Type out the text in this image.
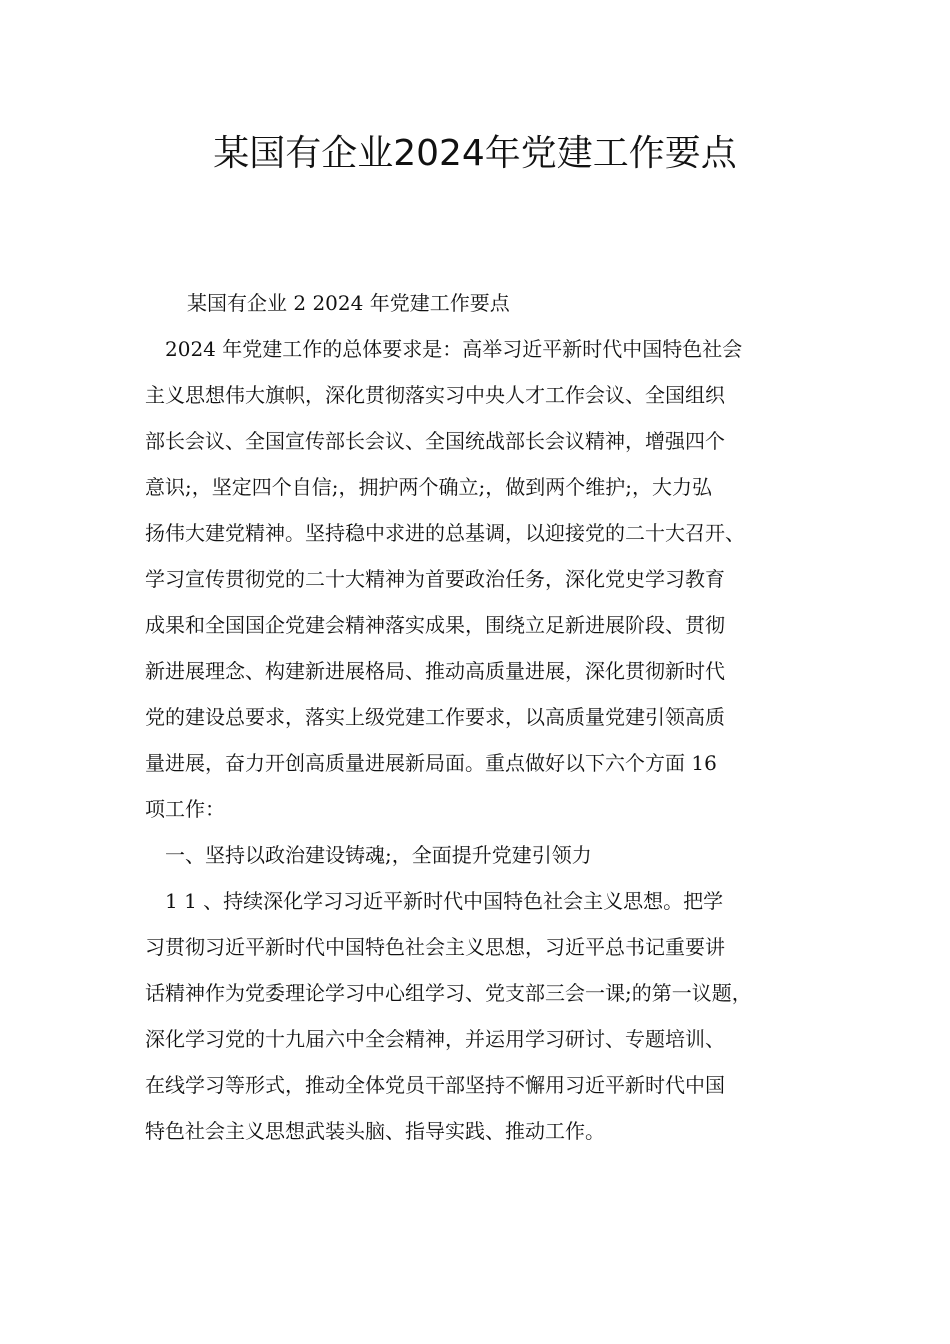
某国有企业2024年党建工作要点
某国有企业 2 2024 年党建工作要点
2024 年党建工作的总体要求是：高举习近平新时代中国特色社会
主义思想伟大旗帜，深化贯彻落实习中央人才工作会议、全国组织
部长会议、全国宣传部长会议、全国统战部长会议精神，增强四个
意识;，坚定四个自信;，拥护两个确立;，做到两个维护;，大力弘
扬伟大建党精神。坚持稳中求进的总基调，以迎接党的二十大召开、
学习宣传贯彻党的二十大精神为首要政治任务，深化党史学习教育
成果和全国国企党建会精神落实成果，围绕立足新进展阶段、贯彻
新进展理念、构建新进展格局、推动高质量进展，深化贯彻新时代
党的建设总要求，落实上级党建工作要求，以高质量党建引领高质
量进展，奋力开创高质量进展新局面。重点做好以下六个方面 16
项工作：
一、坚持以政治建设铸魂;，全面提升党建引领力
1 1 、持续深化学习习近平新时代中国特色社会主义思想。把学
习贯彻习近平新时代中国特色社会主义思想，习近平总书记重要讲
话精神作为党委理论学习中心组学习、党支部三会一课;的第一议题，
深化学习党的十九届六中全会精神，并运用学习研讨、专题培训、
在线学习等形式，推动全体党员干部坚持不懈用习近平新时代中国
特色社会主义思想武装头脑、指导实践、推动工作。
